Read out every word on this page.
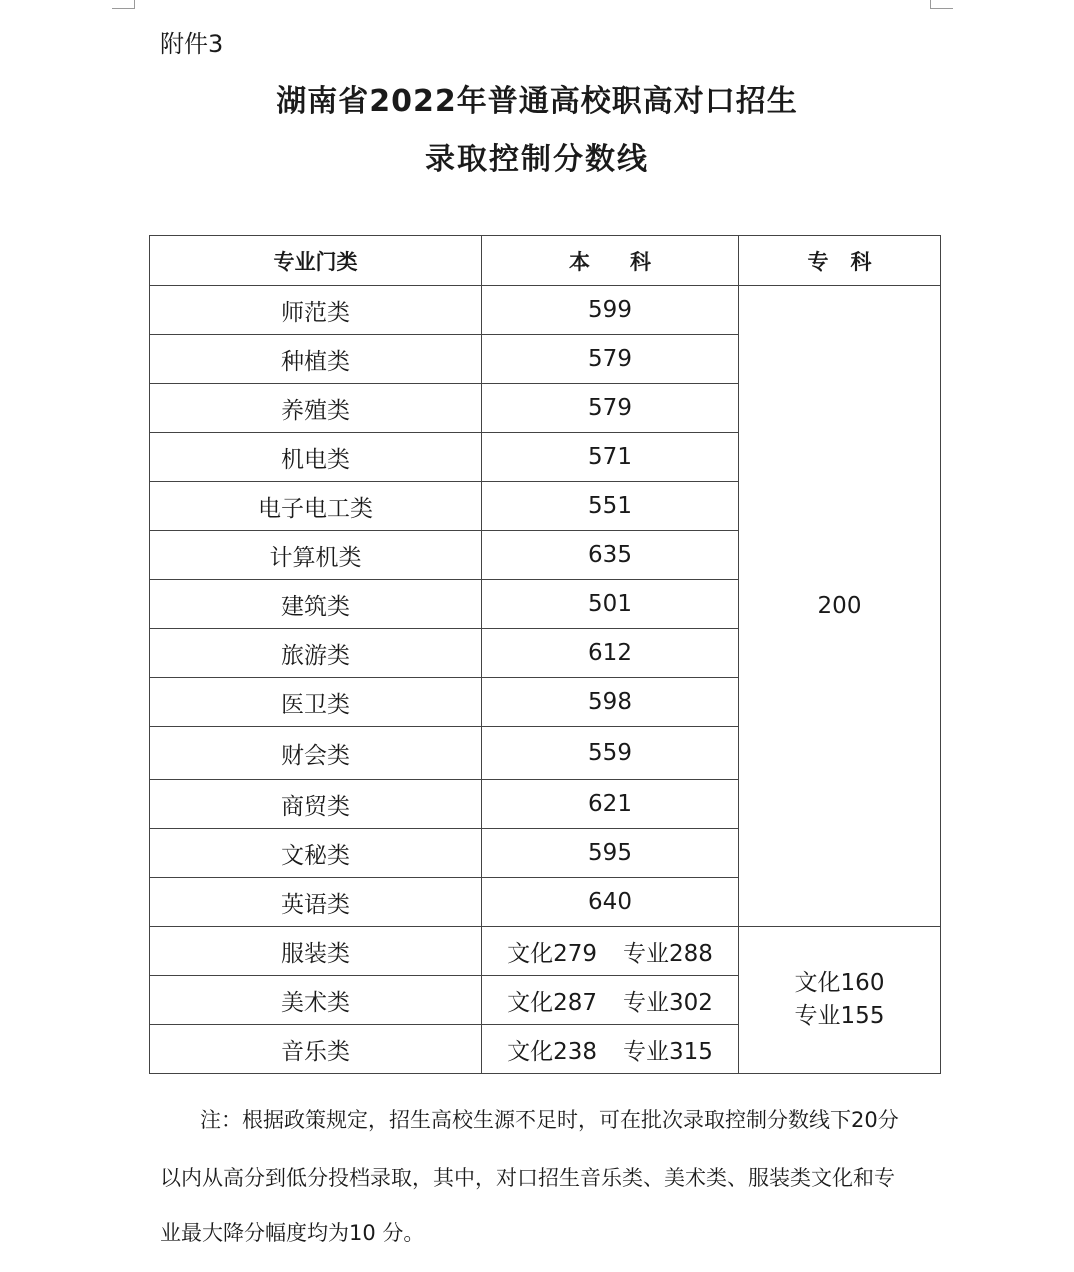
附件3
湖南省2022年普通高校职高对口招生
录取控制分数线
专业门类	本 科	专 科
师范类	599	200
种植类	579	
养殖类	579	
机电类	571	
电子电工类	551	
计算机类	635	
建筑类	501	
旅游类	612	
医卫类	598	
财会类	559	
商贸类	621	
文秘类	595	
英语类	640	
服装类	文化279 专业288	文化160
专业155

美术类	文化287 专业302	
音乐类	文化238 专业315	
注：根据政策规定，招生高校生源不足时，可在批次录取控制分数线下20分
以内从高分到低分投档录取，其中，对口招生音乐类、美术类、服装类文化和专
业最大降分幅度均为10 分。
